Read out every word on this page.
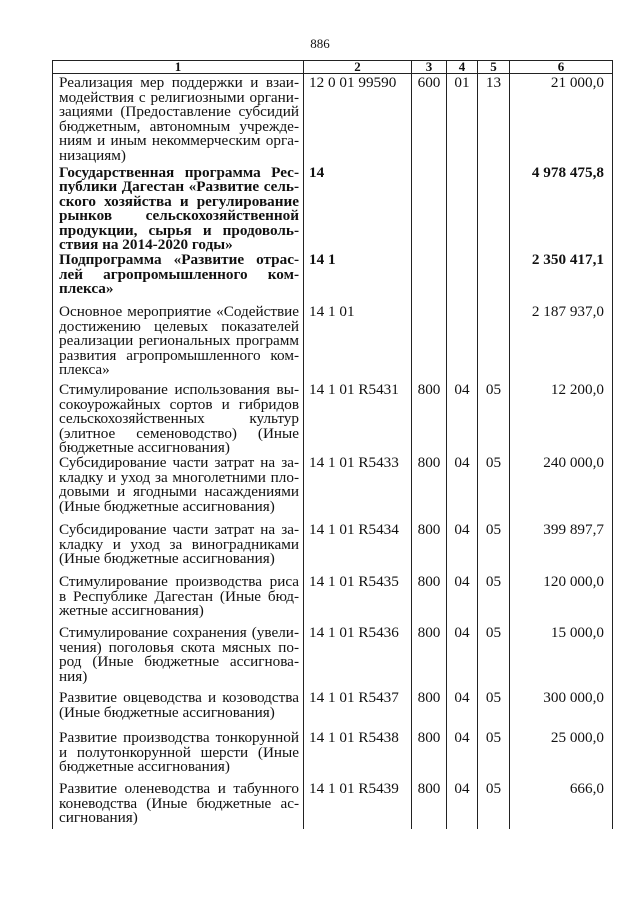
886
1	2	3	4	5	6
Реализация мер поддержки и взаимодействия с религиозными организациями (Предоставление субсидий бюджетным, автономным учреждениям и иным некоммерческим организациям)	12 0 01 99590	600	01	13	21 000,0
Государственная программа Республики Дагестан «Развитие сельского хозяйства и регулирование рынков сельскохозяйственной продукции, сырья и продовольствия на 2014-2020 годы»	14				4 978 475,8
Подпрограмма «Развитие отраслей агропромышленного комплекса»	14 1				2 350 417,1
Основное мероприятие «Содействие достижению целевых показателей реализации региональных программ развития агропромышленного комплекса»	14 1 01				2 187 937,0
Стимулирование использования высокоурожайных сортов и гибридов сельскохозяйственных культур (элитное семеноводство) (Иные бюджетные ассигнования)	14 1 01 R5431	800	04	05	12 200,0
Субсидирование части затрат на закладку и уход за многолетними плодовыми и ягодными насаждениями (Иные бюджетные ассигнования)	14 1 01 R5433	800	04	05	240 000,0
Субсидирование части затрат на закладку и уход за виноградниками (Иные бюджетные ассигнования)	14 1 01 R5434	800	04	05	399 897,7
Стимулирование производства риса в Республике Дагестан (Иные бюджетные ассигнования)	14 1 01 R5435	800	04	05	120 000,0
Стимулирование сохранения (увеличения) поголовья скота мясных пород (Иные бюджетные ассигнования)	14 1 01 R5436	800	04	05	15 000,0
Развитие овцеводства и козоводства (Иные бюджетные ассигнования)	14 1 01 R5437	800	04	05	300 000,0
Развитие производства тонкорунной и полутонкорунной шерсти (Иные бюджетные ассигнования)	14 1 01 R5438	800	04	05	25 000,0
Развитие оленеводства и табунного коневодства (Иные бюджетные ассигнования)	14 1 01 R5439	800	04	05	666,0
